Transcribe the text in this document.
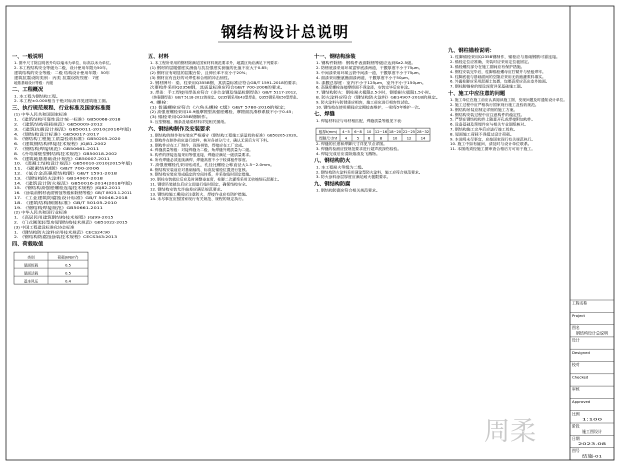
钢结构设计总说明
周柔
一、一般说明
1. 图中尺寸除注明者外均以毫米为单位，标高以米为单位。
2. 本工程结构安全等级为二级，设计使用年限为50年。
建筑结构的安全等级：二级 结构设计使用年限：50年
建筑抗震设防类别：丙类 抗震设防烈度：7度
地基基础设计等级：丙级
二、工程概况
1. 本工程为钢结构工程。
2. 本工程±0.000相当于绝对标高详见建筑施工图。
三、执行规范规程、行业标准及国家标准图
(1) 中华人民共和国国家标准
1. 《建筑结构可靠性设计统一标准》GB50068-2018
2. 《建筑结构荷载规范》GB50009-2012
3. 《建筑抗震设计规范》GB50011-2010(2016年版)
4. 《钢结构设计标准》GB50017-2017
5. 《钢结构工程施工质量验收标准》GB50205-2020
6. 《建筑钢结构焊接技术规程》JGJ81-2002
7. 《钢结构焊接规范》GB50661-2011
8. 《冷弯薄壁型钢结构技术规范》GB50018-2002
9. 《建筑地基基础设计规范》GB50007-2011
10. 《混凝土结构设计规范》GB50010-2010(2015年版)
11. 《碳素结构钢》GB/T 700-2006
12. 《低合金高强度结构钢》GB/T 1591-2018
13. 《钢结构防火涂料》GB14907-2018
14. 《建筑设计防火规范》GB50016-2014(2018年版)
15. 《钢结构高强度螺栓连接技术规程》JGJ82-2011
16. 《涂装前钢材表面锈蚀等级和除锈等级》GB/T 8923.1-2011
17. 《工业建筑防腐蚀设计标准》GB/T 50046-2018
18. 《建筑结构制图标准》GB/T 50105-2010
19. 《钢结构焊接规范》GB50661-2011
(2) 中华人民共和国行业标准
1. 《高层民用建筑钢结构技术规程》JGJ99-2015
2. 《门式刚架轻型房屋钢结构技术规范》GB51022-2015
(3) 中国工程建设标准化协会标准
1. 《钢结构防火涂料应用技术规范》CECS24:90
2. 《钢结构防腐蚀涂装技术规程》CECS343:2013
四、荷载取值
类别
屋面恒载
屋面活载
基本风压
荷载(kN/m²)
0.5
0.5
0.4
五、材料
1. 本工程所采用的钢材除满足国家材料规范要求外，地震区尚应满足下列要求：
(1) 钢材的屈服强度实测值与抗拉强度实测值的比值不应大于0.85；
(2) 钢材应有明显的屈服台阶，且伸长率不应小于20%；
(3) 钢材应有良好的可焊性和合格的冲击韧性。
2. 钢材牌号：梁、柱采用Q355B钢，其质量标准应符合GB/T 1591-2018的要求；
次要构件采用Q235B钢，其质量标准应符合GB/T 700-2006的要求。
3. 焊条：手工焊接用焊条应符合《非合金钢及细晶粒钢焊条》GB/T 5117-2012，
《热强钢焊条》GB/T 5118-2012的规定。Q235钢采用E43型焊条，Q355钢采用E50型焊条。
4. 螺栓：
(1) 普通螺栓应符合《六角头螺栓 C级》GB/T 5780-2016的规定；
(2) 高强度螺栓采用10.9级摩擦型高强度螺栓，摩擦面抗滑移系数不小于0.45；
(3) 锚栓采用Q235B钢制作。
5. 压型钢板、檩条及墙梁材料详见相关图纸。
六、钢结构制作及安装要求
1. 钢结构的制作和安装应严格遵守《钢结构工程施工质量验收标准》GB50205-2020。
2. 钢构件在制作前应进行放样，核对各部分尺寸，确认无误后方可下料。
3. 钢构件应在工厂制作，现场拼装，焊接应在工厂完成。
4. 焊缝质量等级：对接焊缝为二级，角焊缝外观质量为二级。
5. 构件的拼接连接采用等强连接，焊缝应满足一级质量要求。
6. 所有焊缝必须连续满焊，焊缝高度不小于较薄板件厚度。
7. 高强度螺栓孔采用钻成孔，孔径比螺栓公称直径大1.5~2.0mm。
8. 钢结构安装前应对基础轴线、标高及锚栓位置进行复核。
9. 钢结构安装应形成稳定的空间体系，并采取临时固定措施。
10. 钢柱安装就位后应及时调整垂直度，柱脚二次灌浆采用无收缩细石混凝土。
11. 钢梁吊装就位后应立即进行临时固定，确保结构安全。
12. 钢结构安装允许偏差应满足规范要求。
13. 钢结构施工期间应注意防火，焊接作业应有防护措施。
14. 未尽事宜应按国家现行有关规范、规程的规定执行。
十一、钢结构涂装
1. 钢构件除锈：钢构件表面除锈等级应达到Sa2.5级。
2. 防锈底漆采用环氧富锌底漆两道，干膜厚度不小于75μm。
3. 中间漆采用环氧云铁中间漆一道，干膜厚度不小于75μm。
4. 面漆采用聚氨酯面漆两道，干膜厚度不小于50μm。
5. 漆膜总厚度：室内不小于125μm，室外不小于150μm。
6. 高强度螺栓连接摩擦面不得涂漆，安装完毕后应补涂。
7. 钢结构防火：钢柱耐火极限2.5小时，钢梁耐火极限1.5小时。
8. 防火涂料应符合《钢结构防火涂料》GB14907-2018的规定。
9. 防火涂料与防锈漆应相容，施工前应进行相容性试验。
10. 钢结构在使用期间应定期检查维护，一般每5年维护一次。
七、焊缝
1. 焊接材料应与母材相匹配，焊缝质量等级见下表：
板厚t(mm)
焊脚尺寸hf
4~5
4
6~8
5
10
6
12~16
8
18~20
10
22~25
12
28~32
14
2. 焊缝的长度和焊脚尺寸详见节点详图。
3. 焊缝的检测应按规范要求进行超声波探伤检验。
4. 焊接完成后应清除熔渣及飞溅物。
八、钢结构防火
1. 本工程耐火等级为二级。
2. 钢结构防火涂料采用薄涂型防火涂料，施工应符合规范要求。
3. 防火涂料涂层厚度应满足耐火极限要求。
九、钢结构防腐
1. 钢结构防腐应符合相关规范要求。
九、钢柱锚栓说明：
1. 柱脚锚栓采用Q235B钢制作，锚栓应与基础钢筋可靠连接。
2. 锚栓定位应准确，安装时应采用定位板固定。
3. 锚栓螺纹部分在施工期间应有保护措施。
4. 钢柱安装完毕后，柱脚锚栓螺母应拧紧并与垫板焊牢。
5. 柱脚底板与基础面间的空隙应采用无收缩灌浆料填实。
6. 外露柱脚应采用混凝土包裹，包裹高度应高出室外地面。
7. 钢柱脚锚栓的埋设深度详见基础施工图。
十、施工中应注意的问题
1. 施工单位在施工前应认真阅读施工图，发现问题及时通知设计单位。
2. 施工过程中应严格执行国家现行施工及验收规范。
3. 钢结构吊装应制定详细的施工方案。
4. 钢结构安装过程中应注意构件的稳定性。
5. 严禁在钢结构构件上随意开孔或焊接附加构件。
6. 设备基础及预埋件应与相关专业图纸核对。
7. 钢结构施工完毕后应进行竣工验收。
8. 屋面施工荷载不得超过设计荷载。
9. 本说明未尽事宜，应按国家现行有关规范执行。
10. 施工中如有疑问，请及时与设计单位联系。
11. 本图纸须经施工图审查合格后方可用于施工。
工程名称
Project
图名
钢结构设计总说明
设计
Designed
校对
Checked
审核
Approved
比例
1:100
阶段
施工图设计
日期
2023.08
图号
结施-01
